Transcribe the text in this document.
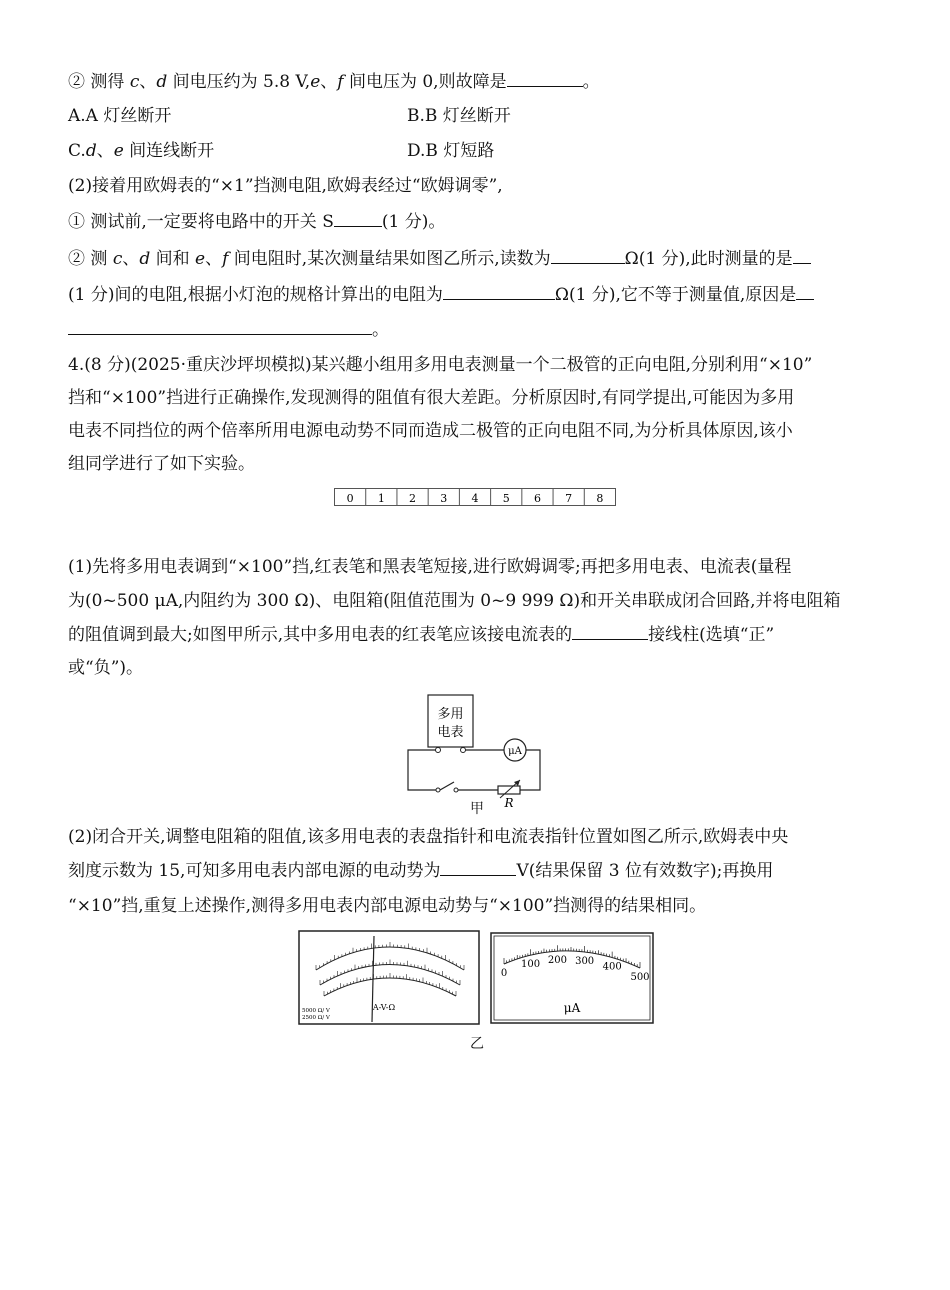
② 测得 c、d 间电压约为 5.8 V,e、f 间电压为 0,则故障是	。
A.A 灯丝断开	B.B 灯丝断开
C.d、e 间连线断开	D.B 灯短路
(2)接着用欧姆表的“×1”挡测电阻,欧姆表经过“欧姆调零”,
① 测试前,一定要将电路中的开关 S	(1 分)。
② 测 c、d 间和 e、f 间电阻时,某次测量结果如图乙所示,读数为	Ω(1 分),此时测量的是
(1 分)间的电阻,根据小灯泡的规格计算出的电阻为	Ω(1 分),它不等于测量值,原因是
。
4.(8 分)(2025·重庆沙坪坝模拟)某兴趣小组用多用电表测量一个二极管的正向电阻,分别利用“×10”
挡和“×100”挡进行正确操作,发现测得的阻值有很大差距。分析原因时,有同学提出,可能因为多用
电表不同挡位的两个倍率所用电源电动势不同而造成二极管的正向电阻不同,为分析具体原因,该小
组同学进行了如下实验。
0 1 2 3 4 5 6 7 8
(1)先将多用电表调到“×100”挡,红表笔和黑表笔短接,进行欧姆调零;再把多用电表、电流表(量程
为(0~500 μA,内阻约为 300 Ω)、电阻箱(阻值范围为 0~9 999 Ω)和开关串联成闭合回路,并将电阻箱
的阻值调到最大;如图甲所示,其中多用电表的红表笔应该接电流表的	接线柱(选填“正”
或“负”)。
多用
电表
μA
R
甲
(2)闭合开关,调整电阻箱的阻值,该多用电表的表盘指针和电流表指针位置如图乙所示,欧姆表中央
刻度示数为 15,可知多用电表内部电源的电动势为	V(结果保留 3 位有效数字);再换用
“×10”挡,重复上述操作,测得多用电表内部电源电动势与“×100”挡测得的结果相同。
A-V-Ω
5000 Ω/ V
2500 Ω/ V
0
100 200 300
400
500
μA
乙
